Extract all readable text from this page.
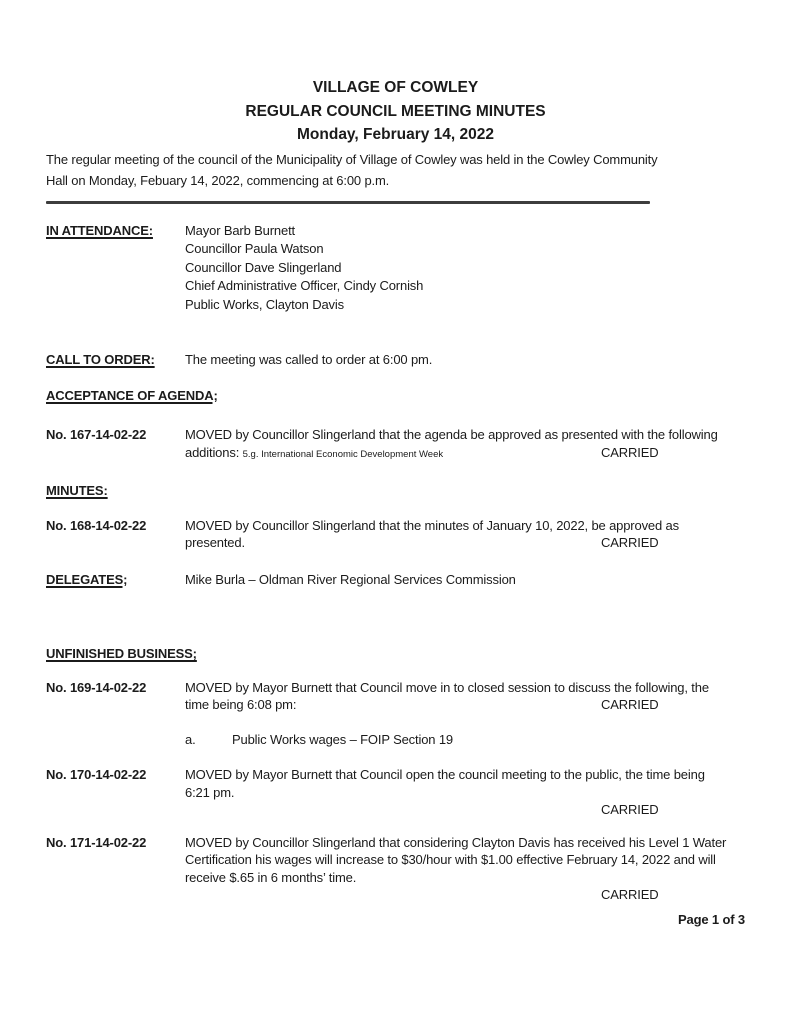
VILLAGE OF COWLEY
REGULAR COUNCIL MEETING MINUTES
Monday, February 14, 2022
The regular meeting of the council of the Municipality of Village of Cowley was held in the Cowley Community
Hall on Monday, Febuary 14, 2022, commencing at 6:00 p.m.
IN ATTENDANCE:	Mayor Barb Burnett
Councillor Paula Watson
Councillor Dave Slingerland
Chief Administrative Officer, Cindy Cornish
Public Works, Clayton Davis
CALL TO ORDER:	The meeting was called to order at 6:00 pm.
ACCEPTANCE OF AGENDA;
No. 167-14-02-22	MOVED by Councillor Slingerland that the agenda be approved as presented with the following
additions: 5.g. International Economic Development Week	CARRIED
MINUTES:
No. 168-14-02-22	MOVED by Councillor Slingerland that the minutes of January 10, 2022, be approved as
presented.	CARRIED
DELEGATES;	Mike Burla – Oldman River Regional Services Commission
UNFINISHED BUSINESS;
No. 169-14-02-22	MOVED by Mayor Burnett that Council move in to closed session to discuss the following, the
time being 6:08 pm:	CARRIED
a.	Public Works wages – FOIP Section 19
No. 170-14-02-22	MOVED by Mayor Burnett that Council open the council meeting to the public, the time being
6:21 pm.
CARRIED
No. 171-14-02-22	MOVED by Councillor Slingerland that considering Clayton Davis has received his Level 1 Water
Certification his wages will increase to $30/hour with $1.00 effective February 14, 2022 and will
receive $.65 in 6 months’ time.
CARRIED
Page 1 of 3
